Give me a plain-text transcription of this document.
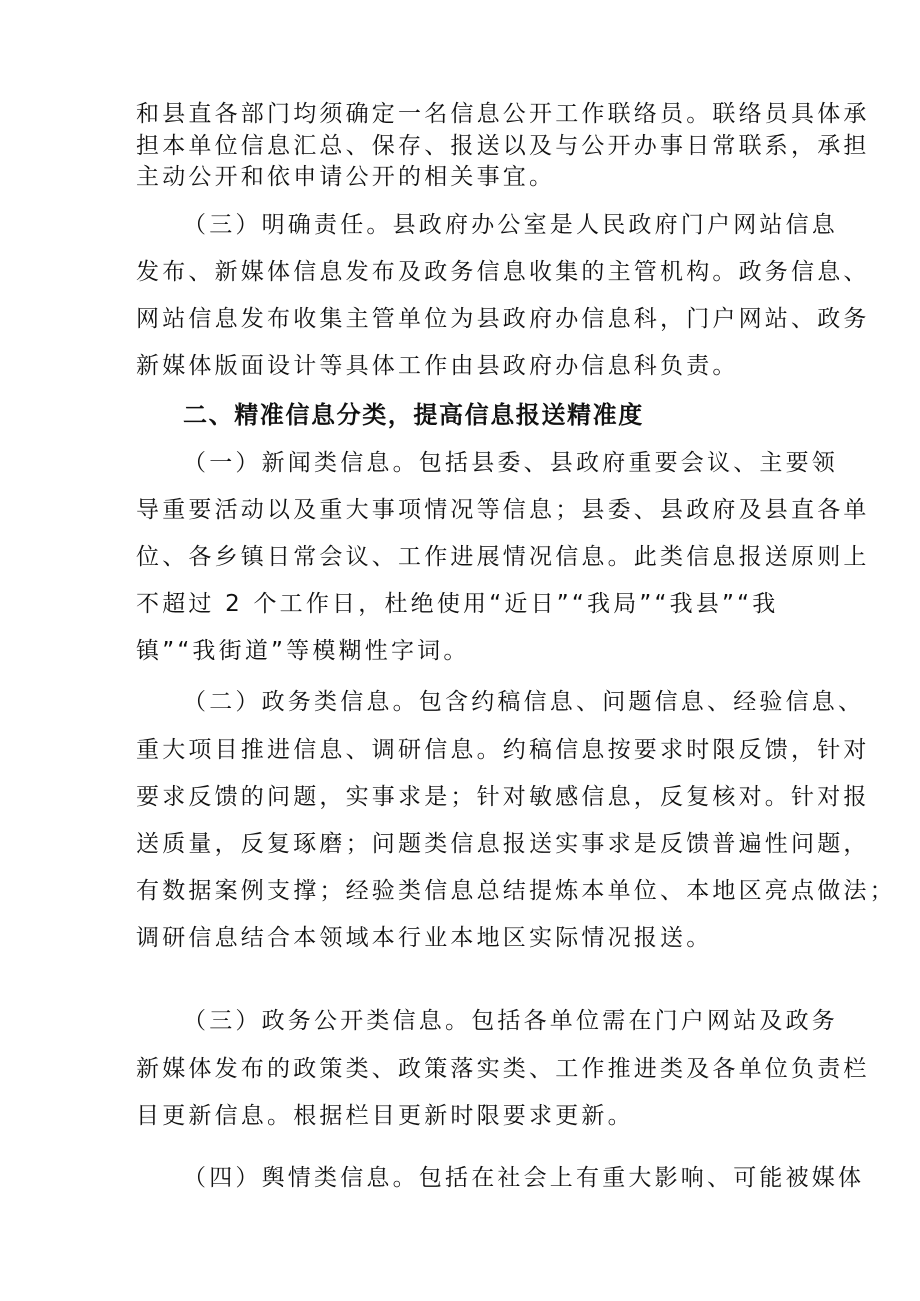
和县直各部门均须确定一名信息公开工作联络员。联络员具体承
担本单位信息汇总、保存、报送以及与公开办事日常联系，承担
主动公开和依申请公开的相关事宜。
（三）明确责任。县政府办公室是人民政府门户网站信息
发布、新媒体信息发布及政务信息收集的主管机构。政务信息、
网站信息发布收集主管单位为县政府办信息科，门户网站、政务
新媒体版面设计等具体工作由县政府办信息科负责。
二、精准信息分类，提高信息报送精准度
（一）新闻类信息。包括县委、县政府重要会议、主要领
导重要活动以及重大事项情况等信息；县委、县政府及县直各单
位、各乡镇日常会议、工作进展情况信息。此类信息报送原则上
不超过 2 个工作日，杜绝使用“近日”“我局”“我县”“我
镇”“我街道”等模糊性字词。
（二）政务类信息。包含约稿信息、问题信息、经验信息、
重大项目推进信息、调研信息。约稿信息按要求时限反馈，针对
要求反馈的问题，实事求是；针对敏感信息，反复核对。针对报
送质量，反复琢磨；问题类信息报送实事求是反馈普遍性问题，
有数据案例支撑；经验类信息总结提炼本单位、本地区亮点做法；
调研信息结合本领域本行业本地区实际情况报送。
（三）政务公开类信息。包括各单位需在门户网站及政务
新媒体发布的政策类、政策落实类、工作推进类及各单位负责栏
目更新信息。根据栏目更新时限要求更新。
（四）舆情类信息。包括在社会上有重大影响、可能被媒体
